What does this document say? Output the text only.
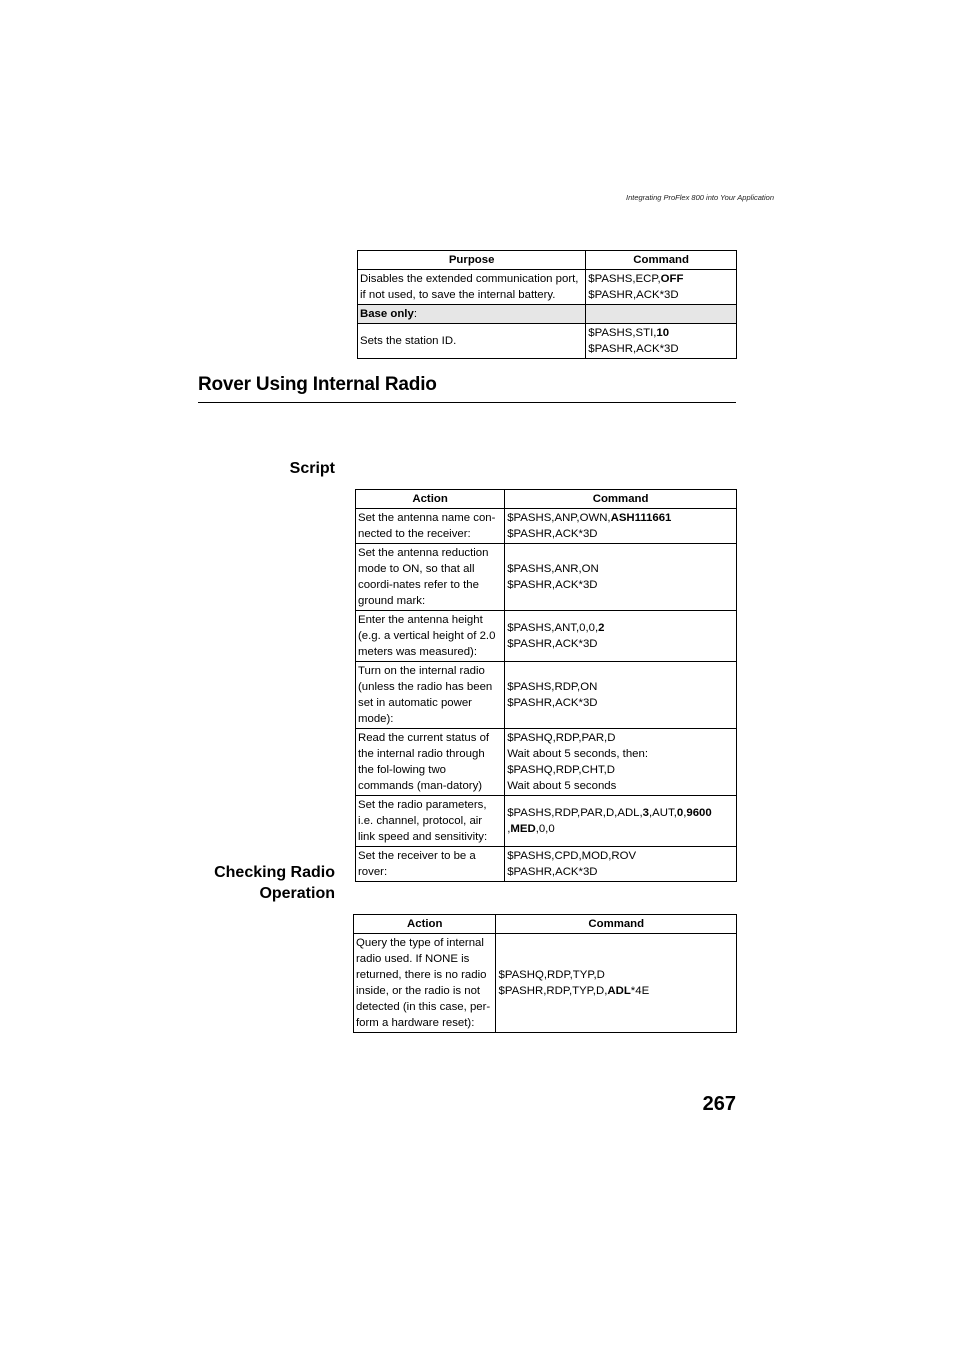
Integrating ProFlex 800 into Your Application
Purpose	Command
Disables the extended communication port, if not used, to save the internal battery.	$PASHS,ECP,OFF
$PASHR,ACK*3D
Base only:	
Sets the station ID.	$PASHS,STI,10
$PASHR,ACK*3D
Rover Using Internal Radio
Script
Action	Command
Set the antenna name con-nected to the receiver:	$PASHS,ANP,OWN,ASH111661
$PASHR,ACK*3D
Set the antenna reduction mode to ON, so that all coordi-nates refer to the ground mark:	$PASHS,ANR,ON
$PASHR,ACK*3D
Enter the antenna height (e.g. a vertical height of 2.0 meters was measured):	$PASHS,ANT,0,0,2
$PASHR,ACK*3D
Turn on the internal radio (unless the radio has been set in automatic power mode):	$PASHS,RDP,ON
$PASHR,ACK*3D
Read the current status of the internal radio through the fol-lowing two commands (man-datory)	$PASHQ,RDP,PAR,D
Wait about 5 seconds, then:
$PASHQ,RDP,CHT,D
Wait about 5 seconds
Set the radio parameters, i.e. channel, protocol, air link speed and sensitivity:	$PASHS,RDP,PAR,D,ADL,3,AUT,0,9600
,MED,0,0
Set the receiver to be a rover:	$PASHS,CPD,MOD,ROV
$PASHR,ACK*3D
Checking Radio
Operation
Action	Command
Query the type of internal radio used. If NONE is returned, there is no radio inside, or the radio is not detected (in this case, per-form a hardware reset):	$PASHQ,RDP,TYP,D
$PASHR,RDP,TYP,D,ADL*4E
267
